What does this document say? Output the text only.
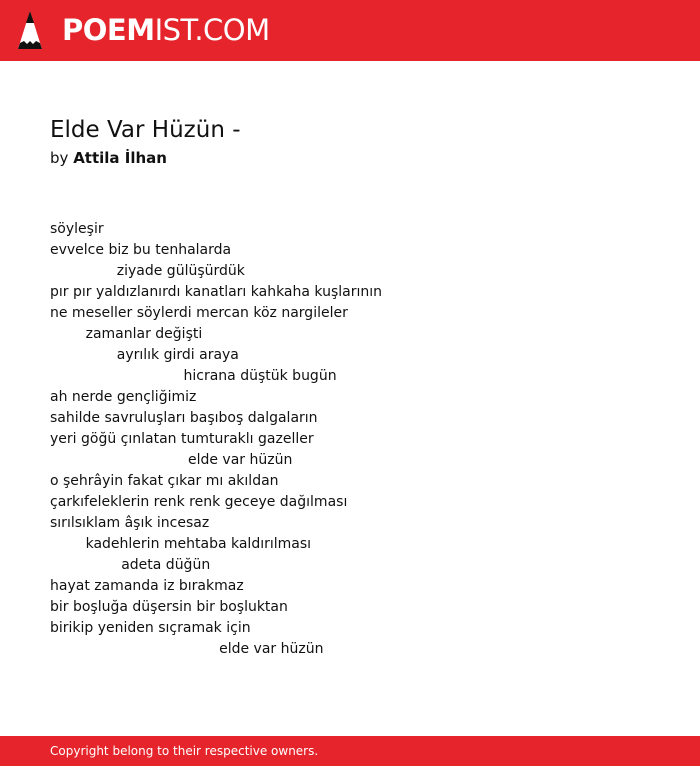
POEMIST.COM
Elde Var Hüzün -
by Attila İlhan
söyleşir
evvelce biz bu tenhalarda
ziyade gülüşürdük
pır pır yaldızlanırdı kanatları kahkaha kuşlarının
ne meseller söylerdi mercan köz nargileler
zamanlar değişti
ayrılık girdi araya
hicrana düştük bugün
ah nerde gençliğimiz
sahilde savruluşları başıboş dalgaların
yeri göğü çınlatan tumturaklı gazeller
elde var hüzün
o şehrâyin fakat çıkar mı akıldan
çarkıfeleklerin renk renk geceye dağılması
sırılsıklam âşık incesaz
kadehlerin mehtaba kaldırılması
adeta düğün
hayat zamanda iz bırakmaz
bir boşluğa düşersin bir boşluktan
birikip yeniden sıçramak için
elde var hüzün
Copyright belong to their respective owners.
